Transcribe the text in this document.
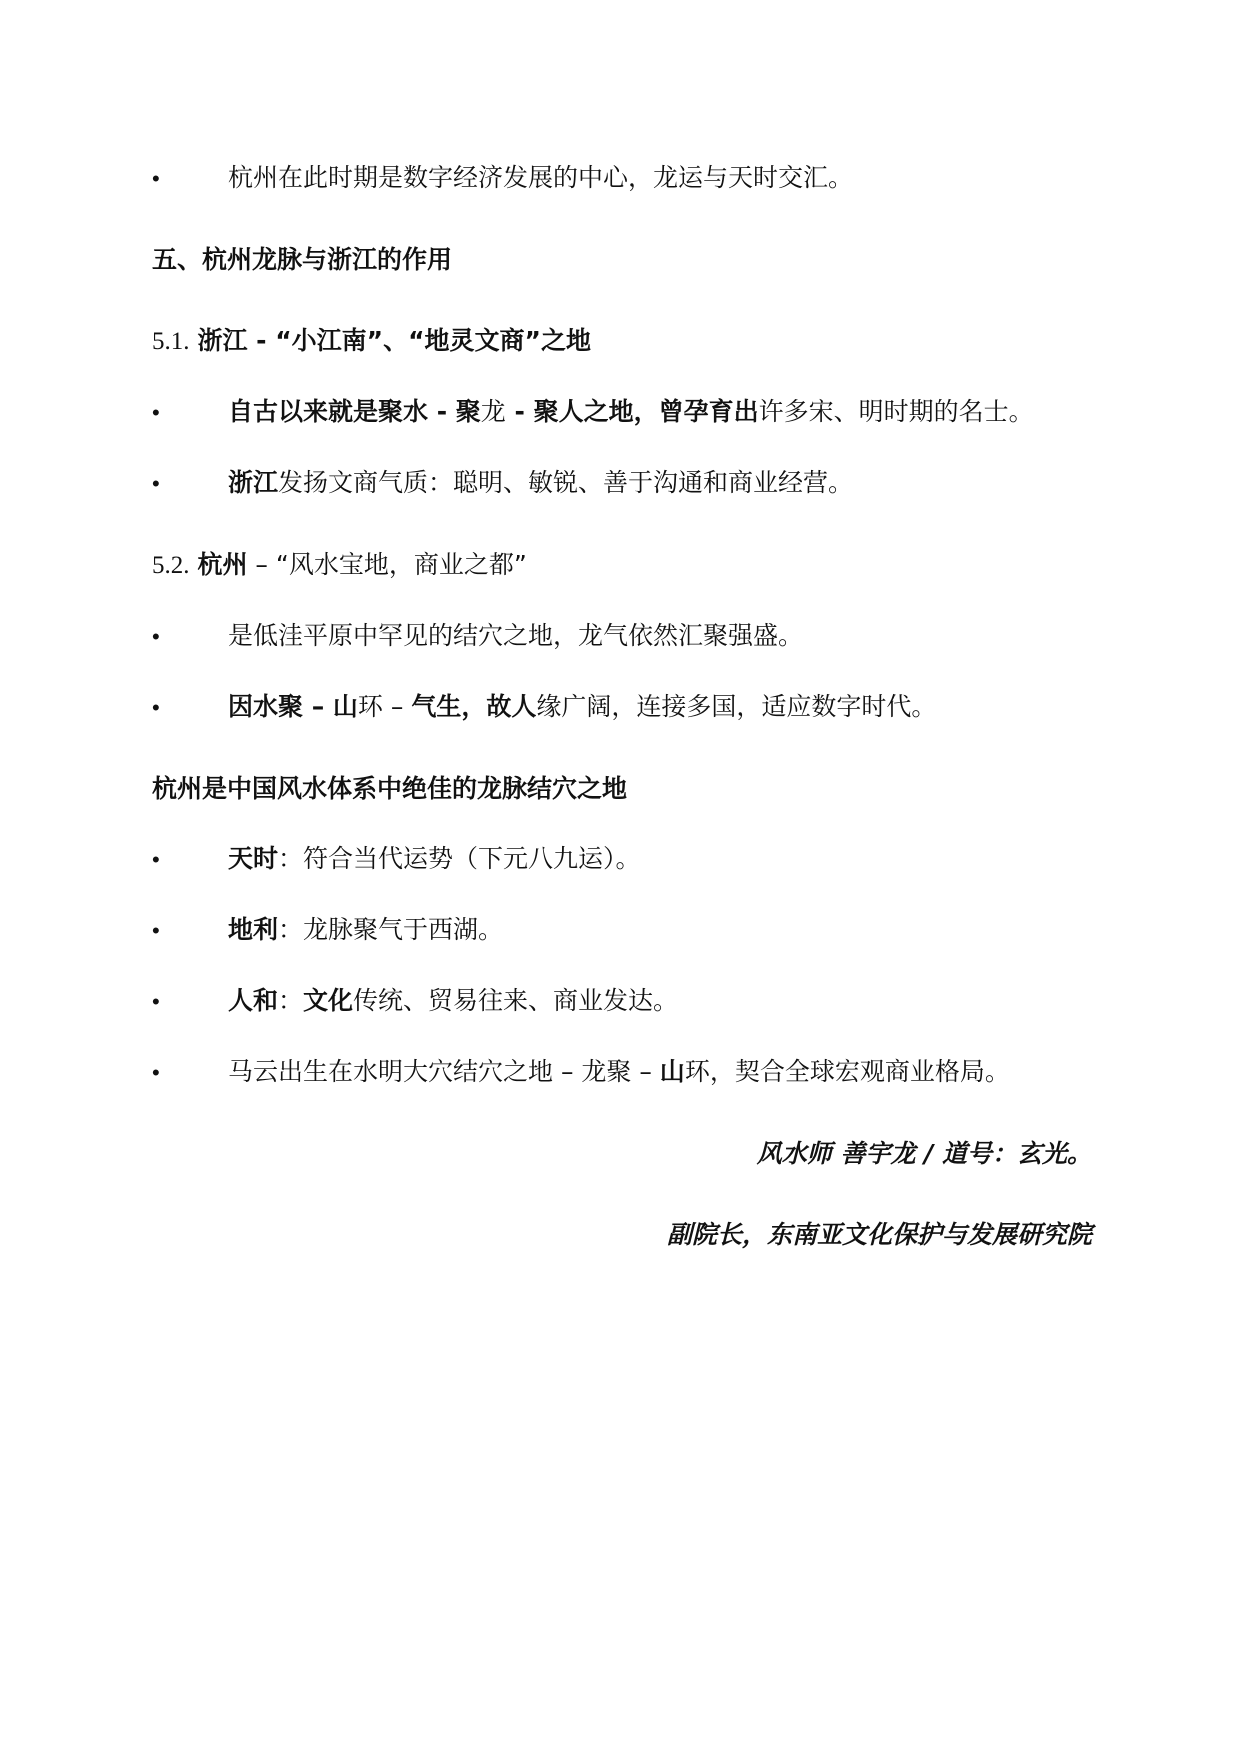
•	杭州在此时期是数字经济发展的中心，龙运与天时交汇。

五、杭州龙脉与浙江的作用

5.1. 浙江 - “小江南”、“地灵文商”之地

•	自古以来就是聚水 - 聚龙 - 聚人之地，曾孕育出许多宋、明时期的名士。

•	浙江发扬文商气质：聪明、敏锐、善于沟通和商业经营。

5.2. 杭州 – “风水宝地，商业之都”

•	是低洼平原中罕见的结穴之地，龙气依然汇聚强盛。

•	因水聚 – 山环 – 气生，故人缘广阔，连接多国，适应数字时代。

杭州是中国风水体系中绝佳的龙脉结穴之地

•	天时：符合当代运势（下元八九运）。

•	地利：龙脉聚气于西湖。

•	人和：文化传统、贸易往来、商业发达。

•	马云出生在水明大穴结穴之地 – 龙聚 – 山环，契合全球宏观商业格局。

风水师 善宇龙 / 道号：玄光。

副院长，东南亚文化保护与发展研究院
